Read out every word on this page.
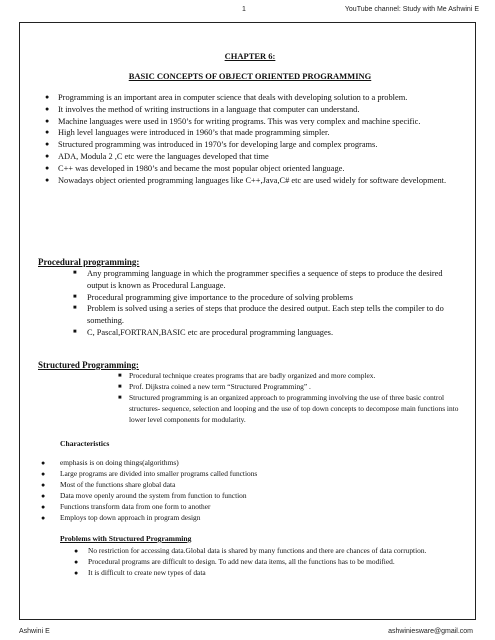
1	YouTube channel: Study with Me Ashwini E

CHAPTER 6:

BASIC CONCEPTS OF OBJECT ORIENTED PROGRAMMING

● Programming is an important area in computer science that deals with developing solution to a problem.
● It involves the method of writing instructions in a language that computer can understand.
● Machine languages were used in 1950’s for writing programs. This was very complex and machine specific.
● High level languages were introduced in 1960’s that made programming simpler.
● Structured programming was introduced in 1970’s for developing large and complex programs.
● ADA, Modula 2 ,C etc were the languages developed that time
● C++ was developed in 1980’s and became the most popular object oriented language.
● Nowadays object oriented programming languages like C++,Java,C# etc are used widely for software development.
Procedural programming:
■ Any programming language in which the programmer specifies a sequence of steps to produce the desired output is known as Procedural Language.
■ Procedural programming give importance to the procedure of solving problems
■ Problem is solved using a series of steps that produce the desired output. Each step tells the compiler to do something.
■ C, Pascal,FORTRAN,BASIC etc are procedural programming languages.
Structured Programming:
■ Procedural technique creates programs that are badly organized and more complex.
■ Prof. Dijkstra coined a new term “Structured Programming” .
■ Structured programming is an organized approach to programming involving the use of three basic control structures- sequence, selection and looping and the use of top down concepts to decompose main functions into lower level components for modularity.
Characteristics
● emphasis is on doing things(algorithms)
● Large programs are divided into smaller programs called functions
● Most of the functions share global data
● Data move openly around the system from function to function
● Functions transform data from one form to another
● Employs top down approach in program design
Problems with Structured Programming
● No restriction for accessing data.Global data is shared by many functions and there are chances of data corruption.
● Procedural programs are difficult to design. To add new data items, all the functions has to be modified.
● It is difficult to create new types of data
Ashwini E	ashwiniesware@gmail.com
